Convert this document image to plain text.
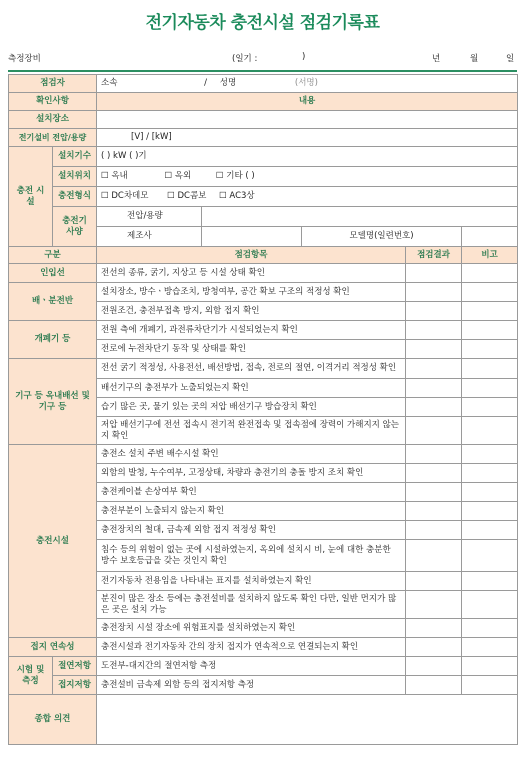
전기자동차 충전시설 점검기록표
측정장비	(일기 :	)	년	월	일
점검자		소속 / 성명 (서명)				
확인사항		내용				
설치장소						
전기설비 전압/용량		[V] / [kW]				
충전 시설	설치기수	( ) kW ( )기				
	설치위치	☐ 옥내 ☐ 옥외 ☐ 기타 ( )				
	충전형식	☐ DC차데모 ☐ DC콤보 ☐ AC3상				
	충전기 사양	전압/용량				
		제조사		모델명(일련번호)		
구분		점검항목			점검결과	비고
인입선		전선의 종류, 굵기, 지상고 등 시설 상태 확인				
배ㆍ분전반		설치장소, 방수ㆍ방습조치, 방청여부, 공간 확보 구조의 적정성 확인				
		전원조건, 충전부접촉 방지, 외함 접지 확인				
개폐기 등		전원 측에 개폐기, 과전류차단기가 시설되었는지 확인				
		전로에 누전차단기 동작 및 상태를 확인				
기구 등 옥내배선 및 기구 등		전선 굵기 적정성, 사용전선, 배선방법, 접속, 전로의 절연, 이격거리 적정성 확인				
		배선기구의 충전부가 노출되었는지 확인				
		습기 많은 곳, 물기 있는 곳의 저압 배선기구 방습장치 확인				
		저압 배선기구에 전선 접속시 전기적 완전접속 및 접속점에 장력이 가해지지 않는지 확인				
충전시설		충전소 설치 주변 배수시설 확인				
		외함의 발청, 누수여부, 고정상태, 차량과 충전기의 충돌 방지 조치 확인				
		충전케이블 손상여부 확인				
		충전부분이 노출되지 않는지 확인				
		충전장치의 철대, 금속제 외함 접지 적정성 확인				
		침수 등의 위험이 없는 곳에 시설하였는지, 옥외에 설치시 비, 눈에 대한 충분한 방수 보호등급을 갖는 것인지 확인				
		전기자동차 전용임을 나타내는 표지를 설치하였는지 확인				
		분진이 많은 장소 등에는 충전설비를 설치하지 않도록 확인 다만, 일반 먼지가 많은 곳은 설치 가능				
		충전장치 시설 장소에 위험표지를 설치하였는지 확인				
접지 연속성		충전시설과 전기자동차 간의 장치 접지가 연속적으로 연결되는지 확인				
시험 및 측정	절연저항	도전부-대지간의 절연저항 측정				
	접지저항	충전설비 금속제 외함 등의 접지저항 측정				
종합 의견						
